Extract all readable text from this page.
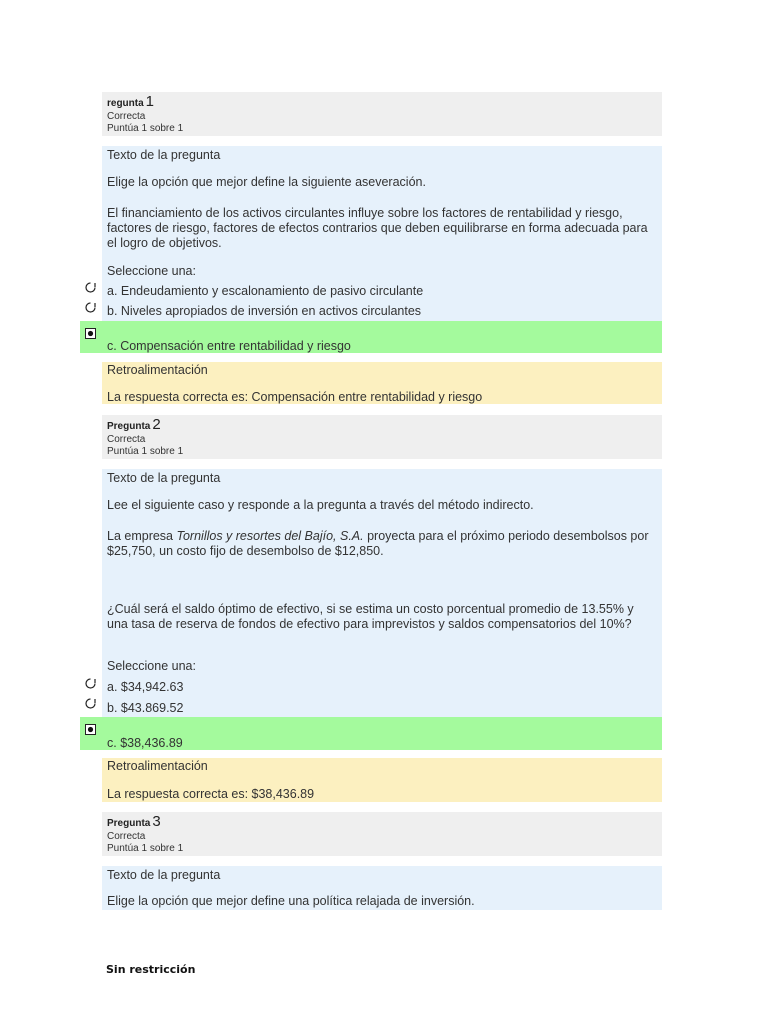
regunta 1
Correcta
Puntúa 1 sobre 1
Texto de la pregunta
Elige la opción que mejor define la siguiente aseveración.
El financiamiento de los activos circulantes influye sobre los factores de rentabilidad y riesgo, factores de riesgo, factores de efectos contrarios que deben equilibrarse en forma adecuada para el logro de objetivos.
Seleccione una:
a. Endeudamiento y escalonamiento de pasivo circulante
b. Niveles apropiados de inversión en activos circulantes
c. Compensación entre rentabilidad y riesgo
Retroalimentación
La respuesta correcta es: Compensación entre rentabilidad y riesgo
Pregunta 2
Correcta
Puntúa 1 sobre 1
Texto de la pregunta
Lee el siguiente caso y responde a la pregunta a través del método indirecto.
La empresa Tornillos y resortes del Bajío, S.A. proyecta para el próximo periodo desembolsos por $25,750, un costo fijo de desembolso de $12,850.
¿Cuál será el saldo óptimo de efectivo, si se estima un costo porcentual promedio de 13.55% y una tasa de reserva de fondos de efectivo para imprevistos y saldos compensatorios del 10%?
Seleccione una:
a. $34,942.63
b. $43.869.52
c. $38,436.89
Retroalimentación
La respuesta correcta es: $38,436.89
Pregunta 3
Correcta
Puntúa 1 sobre 1
Texto de la pregunta
Elige la opción que mejor define una política relajada de inversión.
Sin restricción
